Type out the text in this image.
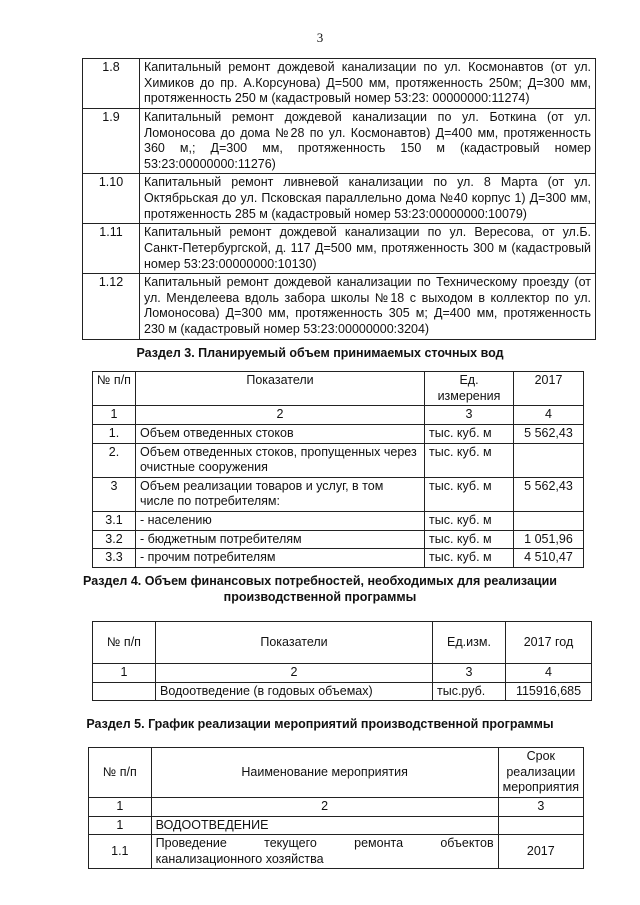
3
1.8	Капитальный ремонт дождевой канализации по ул. Космонавтов (от ул. Химиков до пр. А.Корсунова) Д=500 мм, протяженность 250м; Д=300 мм, протяженность 250 м (кадастровый номер 53:23: 00000000:11274)
1.9	Капитальный ремонт дождевой канализации по ул. Боткина (от ул. Ломоносова до дома №28 по ул. Космонавтов) Д=400 мм, протяженность 360 м,; Д=300 мм, протяженность 150 м (кадастровый номер 53:23:00000000:11276)
1.10	Капитальный ремонт ливневой канализации по ул. 8 Марта (от ул. Октябрьская до ул. Псковская параллельно дома №40 корпус 1) Д=300 мм, протяженность 285 м (кадастровый номер 53:23:00000000:10079)
1.11	Капитальный ремонт дождевой канализации по ул. Вересова, от ул.Б. Санкт-Петербургской, д. 117 Д=500 мм, протяженность 300 м (кадастровый номер 53:23:00000000:10130)
1.12	Капитальный ремонт дождевой канализации по Техническому проезду (от ул. Менделеева вдоль забора школы №18 с выходом в коллектор по ул. Ломоносова) Д=300 мм, протяженность 305 м; Д=400 мм, протяженность 230 м (кадастровый номер 53:23:00000000:3204)
Раздел 3. Планируемый объем принимаемых сточных вод
№ п/п	Показатели	Ед. измерения	2017
1	2	3	4
1.	Объем отведенных стоков	тыс. куб. м	5 562,43
2.	Объем отведенных стоков, пропущенных через очистные сооружения	тыс. куб. м	
3	Объем реализации товаров и услуг, в том числе по потребителям:	тыс. куб. м	5 562,43
3.1	- населению	тыс. куб. м	
3.2	- бюджетным потребителям	тыс. куб. м	1 051,96
3.3	- прочим потребителям	тыс. куб. м	4 510,47
Раздел 4. Объем финансовых потребностей, необходимых для реализации
производственной программы
№ п/п	Показатели	Ед.изм.	2017 год
1	2	3	4
	Водоотведение (в годовых объемах)	тыс.руб.	115916,685
Раздел 5. График реализации мероприятий производственной программы
№ п/п	Наименование мероприятия	Срок реализации мероприятия
1	2	3
1	ВОДООТВЕДЕНИЕ	
1.1	Проведение текущего ремонта объектов канализационного хозяйства	2017
